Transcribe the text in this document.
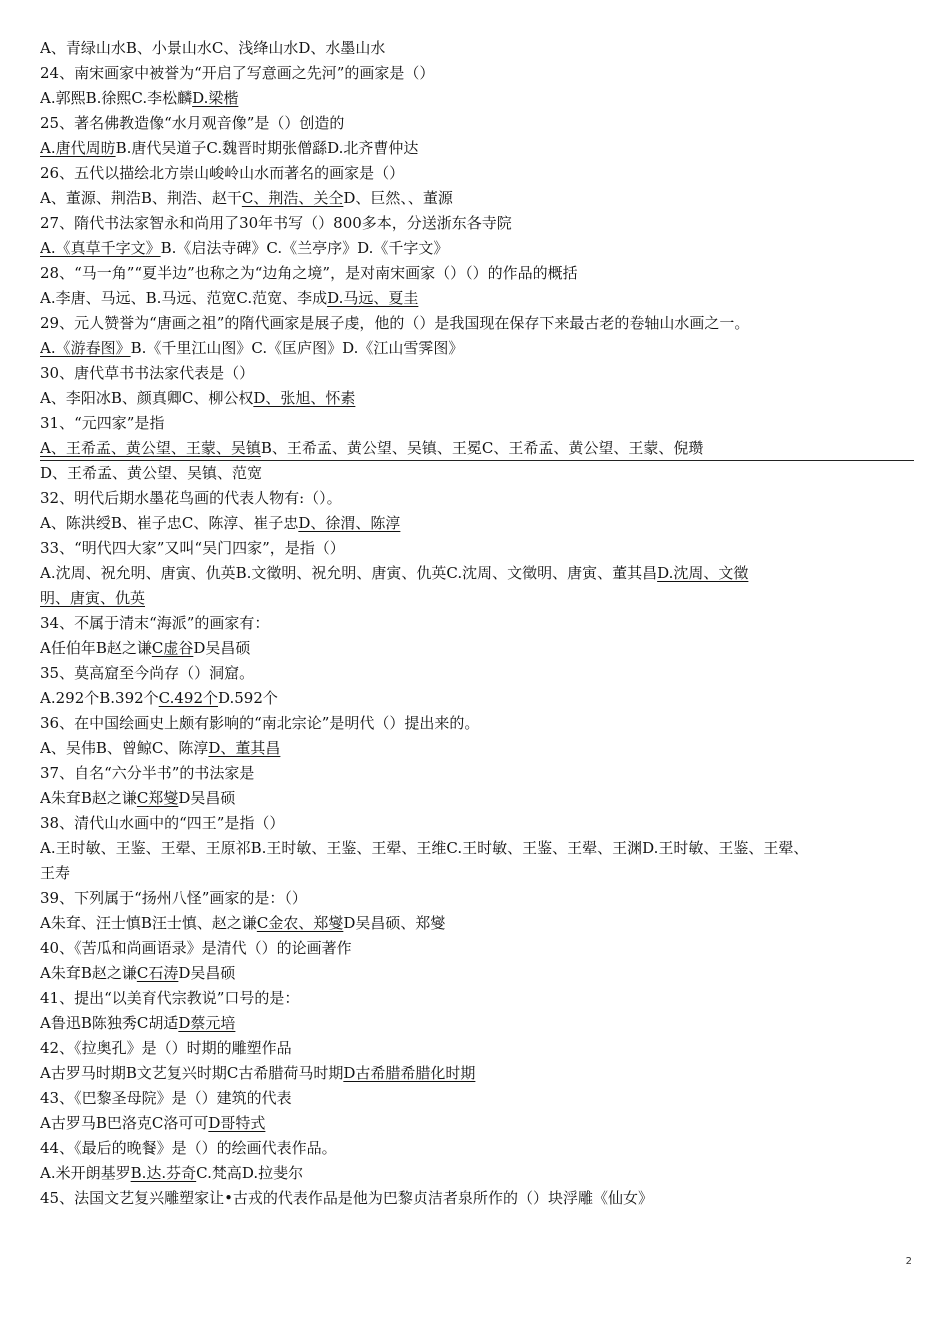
A、青绿山水B、小景山水C、浅绛山水D、水墨山水
24、南宋画家中被誉为“开启了写意画之先河”的画家是（）
A.郭熙B.徐熙C.李松麟D.梁楷
25、著名佛教造像“水月观音像”是（）创造的
A.唐代周昉B.唐代吴道子C.魏晋时期张僧繇D.北齐曹仲达
26、五代以描绘北方崇山峻岭山水而著名的画家是（）
A、董源、荆浩B、荆浩、赵干C、荆浩、关仝D、巨然、、董源
27、隋代书法家智永和尚用了30年书写（）800多本，分送浙东各寺院
A.《真草千字文》B.《启法寺碑》C.《兰亭序》D.《千字文》
28、“马一角”“夏半边”也称之为“边角之境”，是对南宋画家（）（）的作品的概括
A.李唐、马远、B.马远、范宽C.范宽、李成D.马远、夏圭
29、元人赞誉为“唐画之祖”的隋代画家是展子虔，他的（）是我国现在保存下来最古老的卷轴山水画之一。
A.《游春图》B.《千里江山图》C.《匡庐图》D.《江山雪霁图》
30、唐代草书书法家代表是（）
A、李阳冰B、颜真卿C、柳公权D、张旭、怀素
31、“元四家”是指
A、王希孟、黄公望、王蒙、吴镇B、王希孟、黄公望、吴镇、王冕C、王希孟、黄公望、王蒙、倪瓒
D、王希孟、黄公望、吴镇、范宽
32、明代后期水墨花鸟画的代表人物有:（）。
A、陈洪绶B、崔子忠C、陈淳、崔子忠D、徐渭、陈淳
33、“明代四大家”又叫“吴门四家”，是指（）
A.沈周、祝允明、唐寅、仇英B.文徵明、祝允明、唐寅、仇英C.沈周、文徵明、唐寅、董其昌D.沈周、文徵
明、唐寅、仇英
34、不属于清末“海派”的画家有：
A任伯年B赵之谦C虚谷D吴昌硕
35、莫高窟至今尚存（）洞窟。
A.292个B.392个C.492个D.592个
36、在中国绘画史上颇有影响的“南北宗论”是明代（）提出来的。
A、吴伟B、曾鲸C、陈淳D、董其昌
37、自名“六分半书”的书法家是
A朱耷B赵之谦C郑燮D吴昌硕
38、清代山水画中的“四王”是指（）
A.王时敏、王鉴、王翚、王原祁B.王时敏、王鉴、王翚、王维C.王时敏、王鉴、王翚、王渊D.王时敏、王鉴、王翚、
王寿
39、下列属于“扬州八怪”画家的是：（）
A朱耷、汪士慎B汪士慎、赵之谦C金农、郑燮D吴昌硕、郑燮
40、《苦瓜和尚画语录》是清代（）的论画著作
A朱耷B赵之谦C石涛D吴昌硕
41、提出“以美育代宗教说”口号的是：
A鲁迅B陈独秀C胡适D蔡元培
42、《拉奥孔》是（）时期的雕塑作品
A古罗马时期B文艺复兴时期C古希腊荷马时期D古希腊希腊化时期
43、《巴黎圣母院》是（）建筑的代表
A古罗马B巴洛克C洛可可D哥特式
44、《最后的晚餐》是（）的绘画代表作品。
A.米开朗基罗B.达.芬奇C.梵高D.拉斐尔
45、法国文艺复兴雕塑家让•古戎的代表作品是他为巴黎贞洁者泉所作的（）块浮雕《仙女》
2
